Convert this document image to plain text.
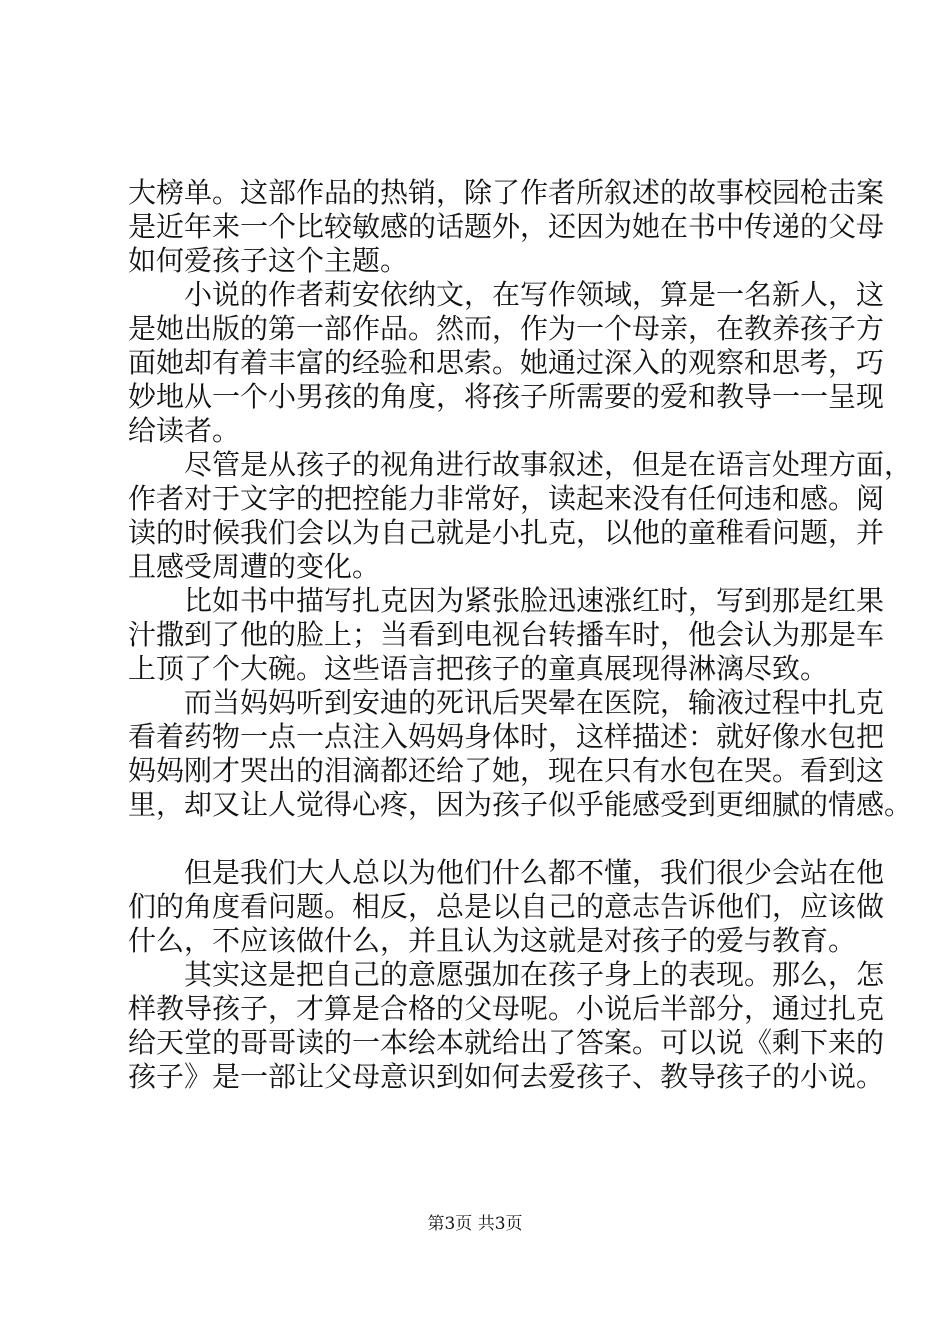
大榜单。这部作品的热销，除了作者所叙述的故事校园枪击案
是近年来一个比较敏感的话题外，还因为她在书中传递的父母
如何爱孩子这个主题。
小说的作者莉安依纳文，在写作领域，算是一名新人，这
是她出版的第一部作品。然而，作为一个母亲，在教养孩子方
面她却有着丰富的经验和思索。她通过深入的观察和思考，巧
妙地从一个小男孩的角度，将孩子所需要的爱和教导一一呈现
给读者。
尽管是从孩子的视角进行故事叙述，但是在语言处理方面，
作者对于文字的把控能力非常好，读起来没有任何违和感。阅
读的时候我们会以为自己就是小扎克，以他的童稚看问题，并
且感受周遭的变化。
比如书中描写扎克因为紧张脸迅速涨红时，写到那是红果
汁撒到了他的脸上；当看到电视台转播车时，他会认为那是车
上顶了个大碗。这些语言把孩子的童真展现得淋漓尽致。
而当妈妈听到安迪的死讯后哭晕在医院，输液过程中扎克
看着药物一点一点注入妈妈身体时，这样描述：就好像水包把
妈妈刚才哭出的泪滴都还给了她，现在只有水包在哭。看到这
里，却又让人觉得心疼，因为孩子似乎能感受到更细腻的情感。
但是我们大人总以为他们什么都不懂，我们很少会站在他
们的角度看问题。相反，总是以自己的意志告诉他们，应该做
什么，不应该做什么，并且认为这就是对孩子的爱与教育。
其实这是把自己的意愿强加在孩子身上的表现。那么，怎
样教导孩子，才算是合格的父母呢。小说后半部分，通过扎克
给天堂的哥哥读的一本绘本就给出了答案。可以说《剩下来的
孩子》是一部让父母意识到如何去爱孩子、教导孩子的小说。
第3页 共3页
